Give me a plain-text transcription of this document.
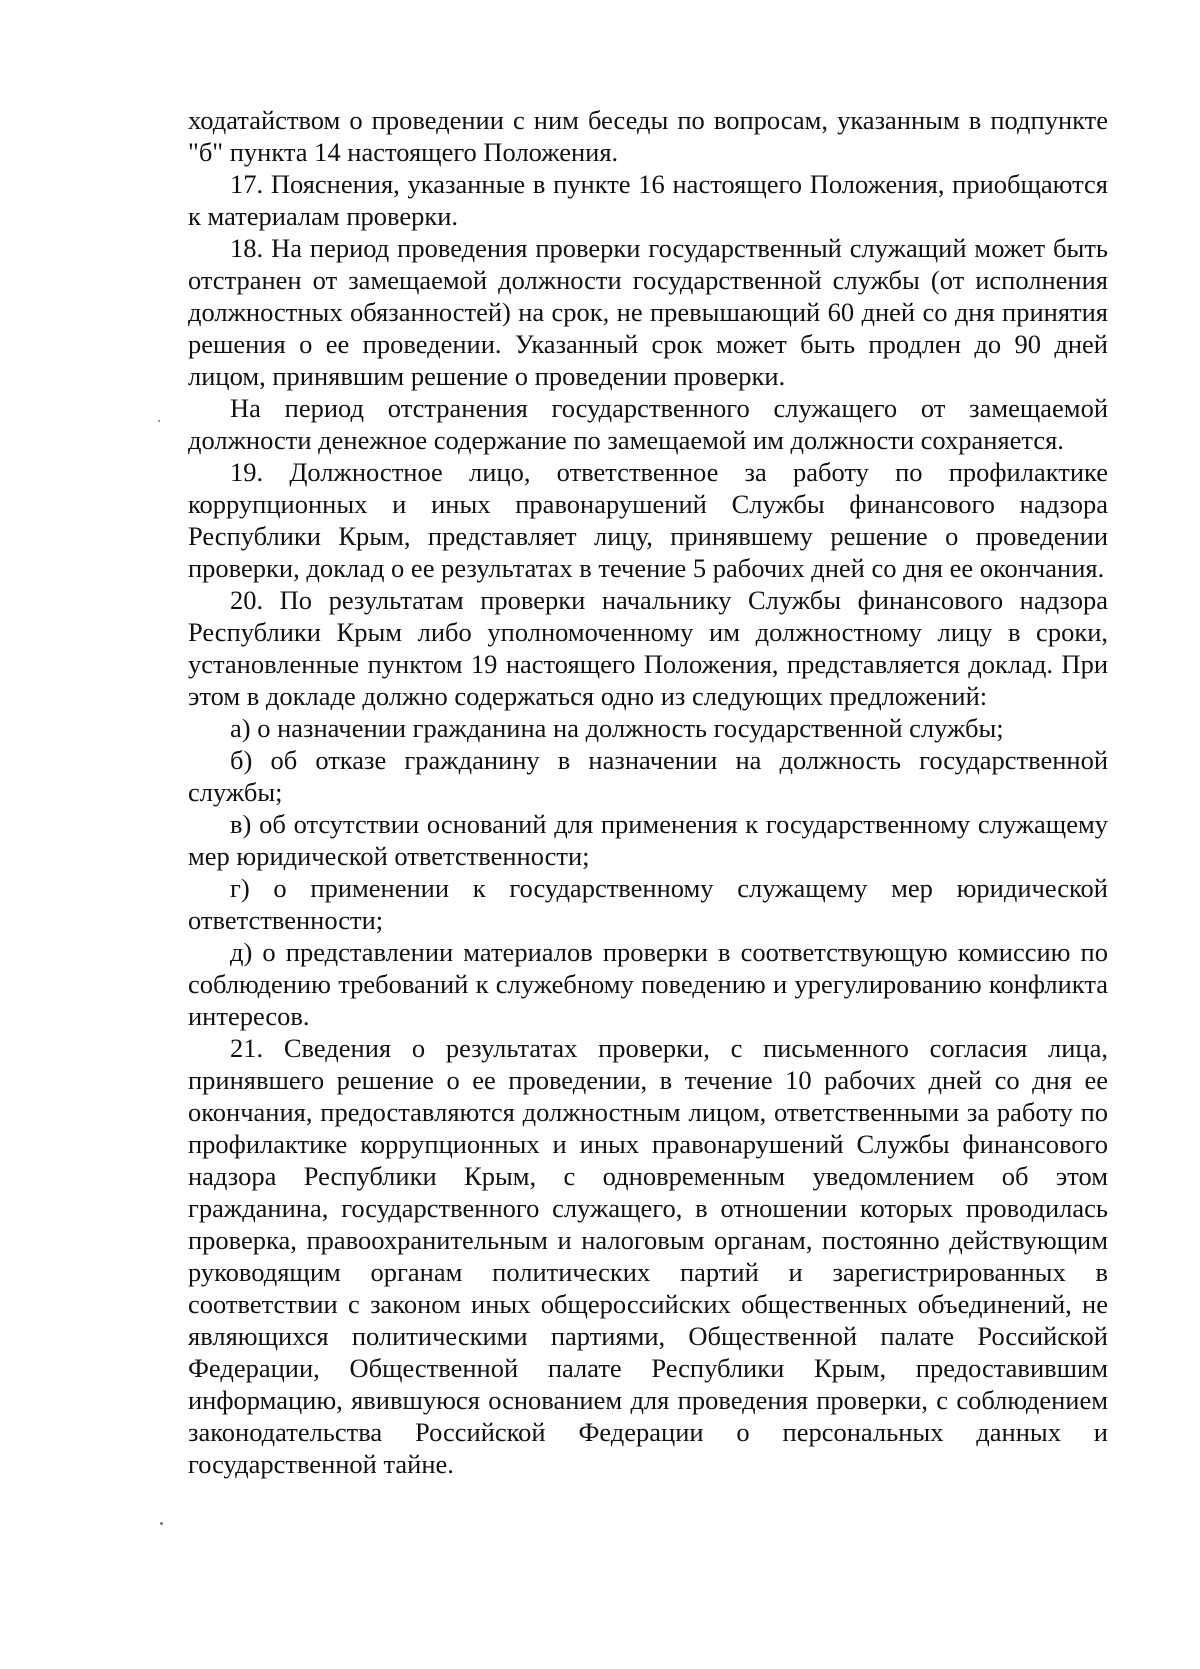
ходатайством о проведении с ним беседы по вопросам, указанным в подпункте "б" пункта 14 настоящего Положения.

17. Пояснения, указанные в пункте 16 настоящего Положения, приобщаются к материалам проверки.

18. На период проведения проверки государственный служащий может быть отстранен от замещаемой должности государственной службы (от исполнения должностных обязанностей) на срок, не превышающий 60 дней со дня принятия решения о ее проведении. Указанный срок может быть продлен до 90 дней лицом, принявшим решение о проведении проверки.

На период отстранения государственного служащего от замещаемой должности денежное содержание по замещаемой им должности сохраняется.

19. Должностное лицо, ответственное за работу по профилактике коррупционных и иных правонарушений Службы финансового надзора Республики Крым, представляет лицу, принявшему решение о проведении проверки, доклад о ее результатах в течение 5 рабочих дней со дня ее окончания.

20. По результатам проверки начальнику Службы финансового надзора Республики Крым либо уполномоченному им должностному лицу в сроки, установленные пунктом 19 настоящего Положения, представляется доклад. При этом в докладе должно содержаться одно из следующих предложений:

а) о назначении гражданина на должность государственной службы;

б) об отказе гражданину в назначении на должность государственной службы;

в) об отсутствии оснований для применения к государственному служащему мер юридической ответственности;

г) о применении к государственному служащему мер юридической ответственности;

д) о представлении материалов проверки в соответствующую комиссию по соблюдению требований к служебному поведению и урегулированию конфликта интересов.

21. Сведения о результатах проверки, с письменного согласия лица, принявшего решение о ее проведении, в течение 10 рабочих дней со дня ее окончания, предоставляются должностным лицом, ответственными за работу по профилактике коррупционных и иных правонарушений Службы финансового надзора Республики Крым, с одновременным уведомлением об этом гражданина, государственного служащего, в отношении которых проводилась проверка, правоохранительным и налоговым органам, постоянно действующим руководящим органам политических партий и зарегистрированных в соответствии с законом иных общероссийских общественных объединений, не являющихся политическими партиями, Общественной палате Российской Федерации, Общественной палате Республики Крым, предоставившим информацию, явившуюся основанием для проведения проверки, с соблюдением законодательства Российской Федерации о персональных данных и государственной тайне.
